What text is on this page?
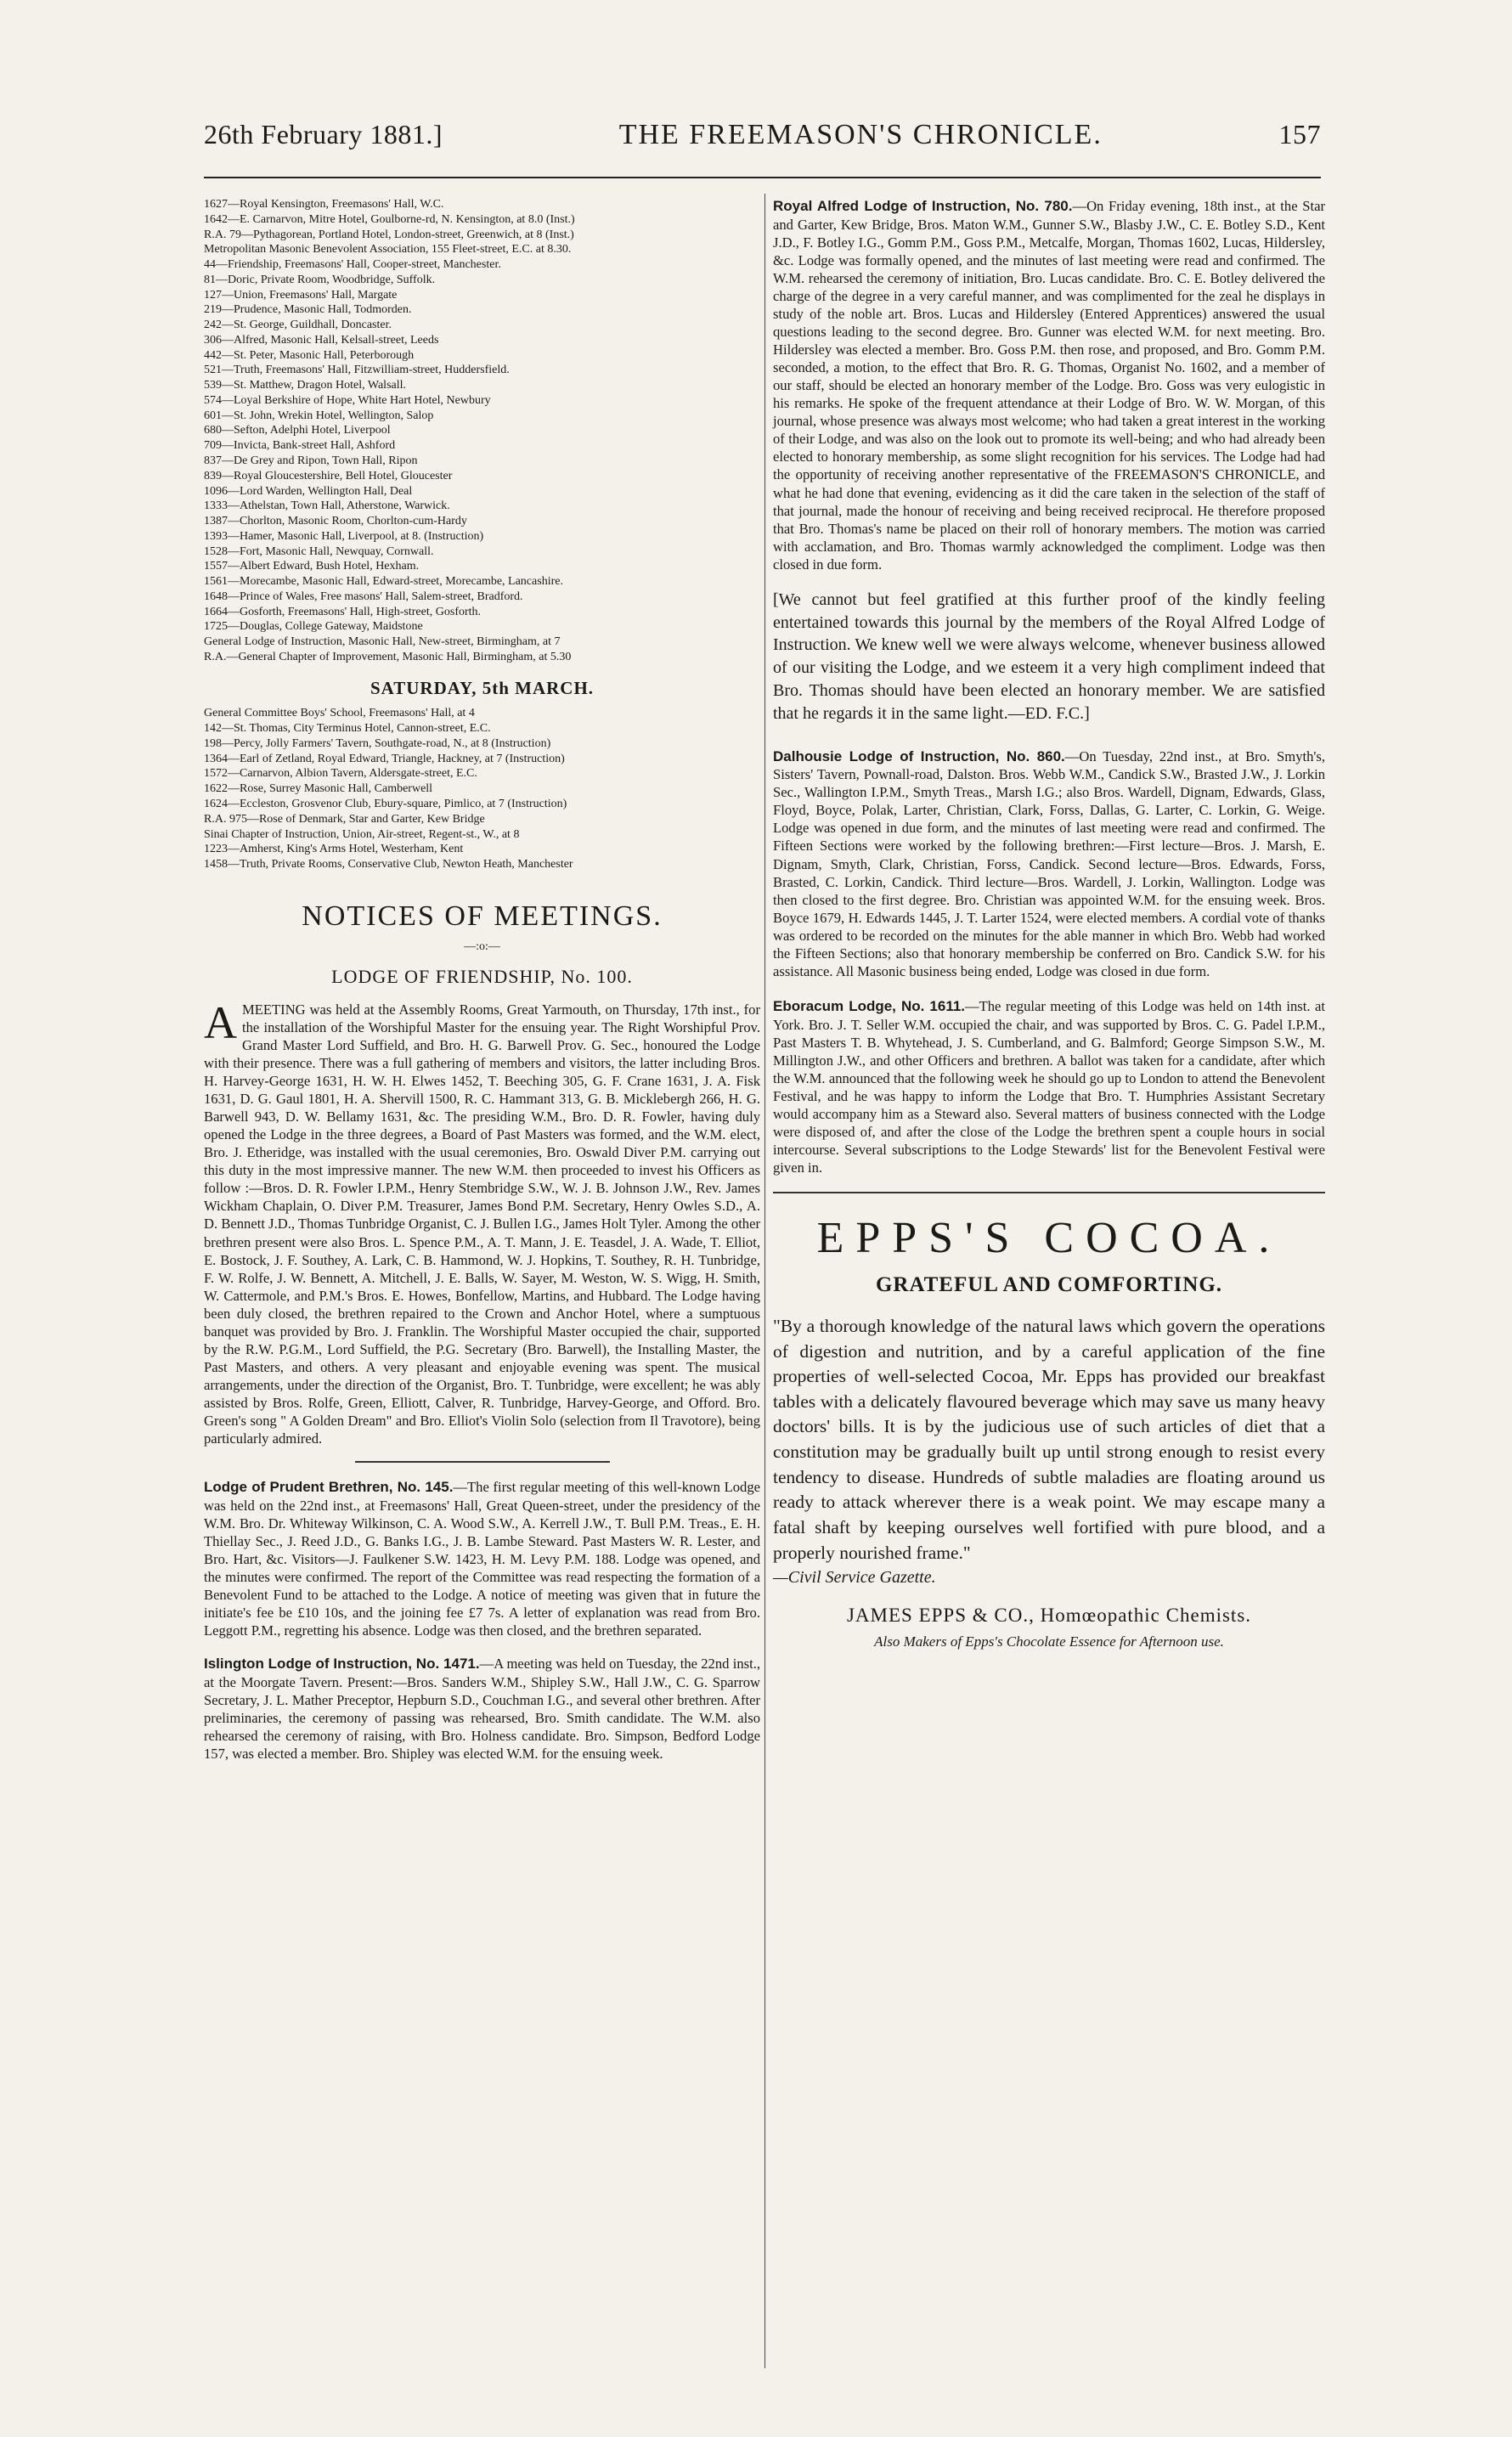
26th February 1881.]	THE FREEMASON'S CHRONICLE.	157
1627—Royal Kensington, Freemasons' Hall, W.C.
1642—E. Carnarvon, Mitre Hotel, Goulborne-rd, N. Kensington, at 8.0 (Inst.)
R.A. 79—Pythagorean, Portland Hotel, London-street, Greenwich, at 8 (Inst.)
Metropolitan Masonic Benevolent Association, 155 Fleet-street, E.C. at 8.30.
44—Friendship, Freemasons' Hall, Cooper-street, Manchester.
81—Doric, Private Room, Woodbridge, Suffolk.
127—Union, Freemasons' Hall, Margate
219—Prudence, Masonic Hall, Todmorden.
242—St. George, Guildhall, Doncaster.
306—Alfred, Masonic Hall, Kelsall-street, Leeds
442—St. Peter, Masonic Hall, Peterborough
521—Truth, Freemasons' Hall, Fitzwilliam-street, Huddersfield.
539—St. Matthew, Dragon Hotel, Walsall.
574—Loyal Berkshire of Hope, White Hart Hotel, Newbury
601—St. John, Wrekin Hotel, Wellington, Salop
680—Sefton, Adelphi Hotel, Liverpool
709—Invicta, Bank-street Hall, Ashford
837—De Grey and Ripon, Town Hall, Ripon
839—Royal Gloucestershire, Bell Hotel, Gloucester
1096—Lord Warden, Wellington Hall, Deal
1333—Athelstan, Town Hall, Atherstone, Warwick.
1387—Chorlton, Masonic Room, Chorlton-cum-Hardy
1393—Hamer, Masonic Hall, Liverpool, at 8. (Instruction)
1528—Fort, Masonic Hall, Newquay, Cornwall.
1557—Albert Edward, Bush Hotel, Hexham.
1561—Morecambe, Masonic Hall, Edward-street, Morecambe, Lancashire.
1648—Prince of Wales, Free masons' Hall, Salem-street, Bradford.
1664—Gosforth, Freemasons' Hall, High-street, Gosforth.
1725—Douglas, College Gateway, Maidstone
General Lodge of Instruction, Masonic Hall, New-street, Birmingham, at 7
R.A.—General Chapter of Improvement, Masonic Hall, Birmingham, at 5.30
SATURDAY, 5th MARCH.
General Committee Boys' School, Freemasons' Hall, at 4
142—St. Thomas, City Terminus Hotel, Cannon-street, E.C.
198—Percy, Jolly Farmers' Tavern, Southgate-road, N., at 8 (Instruction)
1364—Earl of Zetland, Royal Edward, Triangle, Hackney, at 7 (Instruction)
1572—Carnarvon, Albion Tavern, Aldersgate-street, E.C.
1622—Rose, Surrey Masonic Hall, Camberwell
1624—Eccleston, Grosvenor Club, Ebury-square, Pimlico, at 7 (Instruction)
R.A. 975—Rose of Denmark, Star and Garter, Kew Bridge
Sinai Chapter of Instruction, Union, Air-street, Regent-st., W., at 8
1223—Amherst, King's Arms Hotel, Westerham, Kent
1458—Truth, Private Rooms, Conservative Club, Newton Heath, Manchester
NOTICES OF MEETINGS.
—:o:—
LODGE OF FRIENDSHIP, No. 100.

AMEETING was held at the Assembly Rooms, Great Yarmouth, on Thursday, 17th inst., for the installation of the Worshipful Master for the ensuing year. The Right Worshipful Prov. Grand Master Lord Suffield, and Bro. H. G. Barwell Prov. G. Sec., honoured the Lodge with their presence. There was a full gathering of members and visitors, the latter including Bros. H. Harvey-George 1631, H. W. H. Elwes 1452, T. Beeching 305, G. F. Crane 1631, J. A. Fisk 1631, D. G. Gaul 1801, H. A. Shervill 1500, R. C. Hammant 313, G. B. Micklebergh 266, H. G. Barwell 943, D. W. Bellamy 1631, &c. The presiding W.M., Bro. D. R. Fowler, having duly opened the Lodge in the three degrees, a Board of Past Masters was formed, and the W.M. elect, Bro. J. Etheridge, was installed with the usual ceremonies, Bro. Oswald Diver P.M. carrying out this duty in the most impressive manner. The new W.M. then proceeded to invest his Officers as follow :—Bros. D. R. Fowler I.P.M., Henry Stembridge S.W., W. J. B. Johnson J.W., Rev. James Wickham Chaplain, O. Diver P.M. Treasurer, James Bond P.M. Secretary, Henry Owles S.D., A. D. Bennett J.D., Thomas Tunbridge Organist, C. J. Bullen I.G., James Holt Tyler. Among the other brethren present were also Bros. L. Spence P.M., A. T. Mann, J. E. Teasdel, J. A. Wade, T. Elliot, E. Bostock, J. F. Southey, A. Lark, C. B. Hammond, W. J. Hopkins, T. Southey, R. H. Tunbridge, F. W. Rolfe, J. W. Bennett, A. Mitchell, J. E. Balls, W. Sayer, M. Weston, W. S. Wigg, H. Smith, W. Cattermole, and P.M.'s Bros. E. Howes, Bonfellow, Martins, and Hubbard. The Lodge having been duly closed, the brethren repaired to the Crown and Anchor Hotel, where a sumptuous banquet was provided by Bro. J. Franklin. The Worshipful Master occupied the chair, supported by the R.W. P.G.M., Lord Suffield, the P.G. Secretary (Bro. Barwell), the Installing Master, the Past Masters, and others. A very pleasant and enjoyable evening was spent. The musical arrangements, under the direction of the Organist, Bro. T. Tunbridge, were excellent; he was ably assisted by Bros. Rolfe, Green, Elliott, Calver, R. Tunbridge, Harvey-George, and Offord. Bro. Green's song " A Golden Dream" and Bro. Elliot's Violin Solo (selection from Il Travotore), being particularly admired.

Lodge of Prudent Brethren, No. 145.—The first regular meeting of this well-known Lodge was held on the 22nd inst., at Freemasons' Hall, Great Queen-street, under the presidency of the W.M. Bro. Dr. Whiteway Wilkinson, C. A. Wood S.W., A. Kerrell J.W., T. Bull P.M. Treas., E. H. Thiellay Sec., J. Reed J.D., G. Banks I.G., J. B. Lambe Steward. Past Masters W. R. Lester, and Bro. Hart, &c. Visitors—J. Faulkener S.W. 1423, H. M. Levy P.M. 188. Lodge was opened, and the minutes were confirmed. The report of the Committee was read respecting the formation of a Benevolent Fund to be attached to the Lodge. A notice of meeting was given that in future the initiate's fee be £10 10s, and the joining fee £7 7s. A letter of explanation was read from Bro. Leggott P.M., regretting his absence. Lodge was then closed, and the brethren separated.

Islington Lodge of Instruction, No. 1471.—A meeting was held on Tuesday, the 22nd inst., at the Moorgate Tavern. Present:—Bros. Sanders W.M., Shipley S.W., Hall J.W., C. G. Sparrow Secretary, J. L. Mather Preceptor, Hepburn S.D., Couchman I.G., and several other brethren. After preliminaries, the ceremony of passing was rehearsed, Bro. Smith candidate. The W.M. also rehearsed the ceremony of raising, with Bro. Holness candidate. Bro. Simpson, Bedford Lodge 157, was elected a member. Bro. Shipley was elected W.M. for the ensuing week.

Royal Alfred Lodge of Instruction, No. 780.—On Friday evening, 18th inst., at the Star and Garter, Kew Bridge, Bros. Maton W.M., Gunner S.W., Blasby J.W., C. E. Botley S.D., Kent J.D., F. Botley I.G., Gomm P.M., Goss P.M., Metcalfe, Morgan, Thomas 1602, Lucas, Hildersley, &c. Lodge was formally opened, and the minutes of last meeting were read and confirmed. The W.M. rehearsed the ceremony of initiation, Bro. Lucas candidate. Bro. C. E. Botley delivered the charge of the degree in a very careful manner, and was complimented for the zeal he displays in study of the noble art. Bros. Lucas and Hildersley (Entered Apprentices) answered the usual questions leading to the second degree. Bro. Gunner was elected W.M. for next meeting. Bro. Hildersley was elected a member. Bro. Goss P.M. then rose, and proposed, and Bro. Gomm P.M. seconded, a motion, to the effect that Bro. R. G. Thomas, Organist No. 1602, and a member of our staff, should be elected an honorary member of the Lodge. Bro. Goss was very eulogistic in his remarks. He spoke of the frequent attendance at their Lodge of Bro. W. W. Morgan, of this journal, whose presence was always most welcome; who had taken a great interest in the working of their Lodge, and was also on the look out to promote its well-being; and who had already been elected to honorary membership, as some slight recognition for his services. The Lodge had had the opportunity of receiving another representative of the FREEMASON'S CHRONICLE, and what he had done that evening, evidencing as it did the care taken in the selection of the staff of that journal, made the honour of receiving and being received reciprocal. He therefore proposed that Bro. Thomas's name be placed on their roll of honorary members. The motion was carried with acclamation, and Bro. Thomas warmly acknowledged the compliment. Lodge was then closed in due form.

[We cannot but feel gratified at this further proof of the kindly feeling entertained towards this journal by the members of the Royal Alfred Lodge of Instruction. We knew well we were always welcome, whenever business allowed of our visiting the Lodge, and we esteem it a very high compliment indeed that Bro. Thomas should have been elected an honorary member. We are satisfied that he regards it in the same light.—ED. F.C.]

Dalhousie Lodge of Instruction, No. 860.—On Tuesday, 22nd inst., at Bro. Smyth's, Sisters' Tavern, Pownall-road, Dalston. Bros. Webb W.M., Candick S.W., Brasted J.W., J. Lorkin Sec., Wallington I.P.M., Smyth Treas., Marsh I.G.; also Bros. Wardell, Dignam, Edwards, Glass, Floyd, Boyce, Polak, Larter, Christian, Clark, Forss, Dallas, G. Larter, C. Lorkin, G. Weige. Lodge was opened in due form, and the minutes of last meeting were read and confirmed. The Fifteen Sections were worked by the following brethren:—First lecture—Bros. J. Marsh, E. Dignam, Smyth, Clark, Christian, Forss, Candick. Second lecture—Bros. Edwards, Forss, Brasted, C. Lorkin, Candick. Third lecture—Bros. Wardell, J. Lorkin, Wallington. Lodge was then closed to the first degree. Bro. Christian was appointed W.M. for the ensuing week. Bros. Boyce 1679, H. Edwards 1445, J. T. Larter 1524, were elected members. A cordial vote of thanks was ordered to be recorded on the minutes for the able manner in which Bro. Webb had worked the Fifteen Sections; also that honorary membership be conferred on Bro. Candick S.W. for his assistance. All Masonic business being ended, Lodge was closed in due form.

Eboracum Lodge, No. 1611.—The regular meeting of this Lodge was held on 14th inst. at York. Bro. J. T. Seller W.M. occupied the chair, and was supported by Bros. C. G. Padel I.P.M., Past Masters T. B. Whytehead, J. S. Cumberland, and G. Balmford; George Simpson S.W., M. Millington J.W., and other Officers and brethren. A ballot was taken for a candidate, after which the W.M. announced that the following week he should go up to London to attend the Benevolent Festival, and he was happy to inform the Lodge that Bro. T. Humphries Assistant Secretary would accompany him as a Steward also. Several matters of business connected with the Lodge were disposed of, and after the close of the Lodge the brethren spent a couple hours in social intercourse. Several subscriptions to the Lodge Stewards' list for the Benevolent Festival were given in.

EPPS'S COCOA.
GRATEFUL AND COMFORTING.
"By a thorough knowledge of the natural laws which govern the operations of digestion and nutrition, and by a careful application of the fine properties of well-selected Cocoa, Mr. Epps has provided our breakfast tables with a delicately flavoured beverage which may save us many heavy doctors' bills. It is by the judicious use of such articles of diet that a constitution may be gradually built up until strong enough to resist every tendency to disease. Hundreds of subtle maladies are floating around us ready to attack wherever there is a weak point. We may escape many a fatal shaft by keeping ourselves well fortified with pure blood, and a properly nourished frame."
—Civil Service Gazette.
JAMES EPPS & CO., Homœopathic Chemists.
Also Makers of Epps's Chocolate Essence for Afternoon use.
